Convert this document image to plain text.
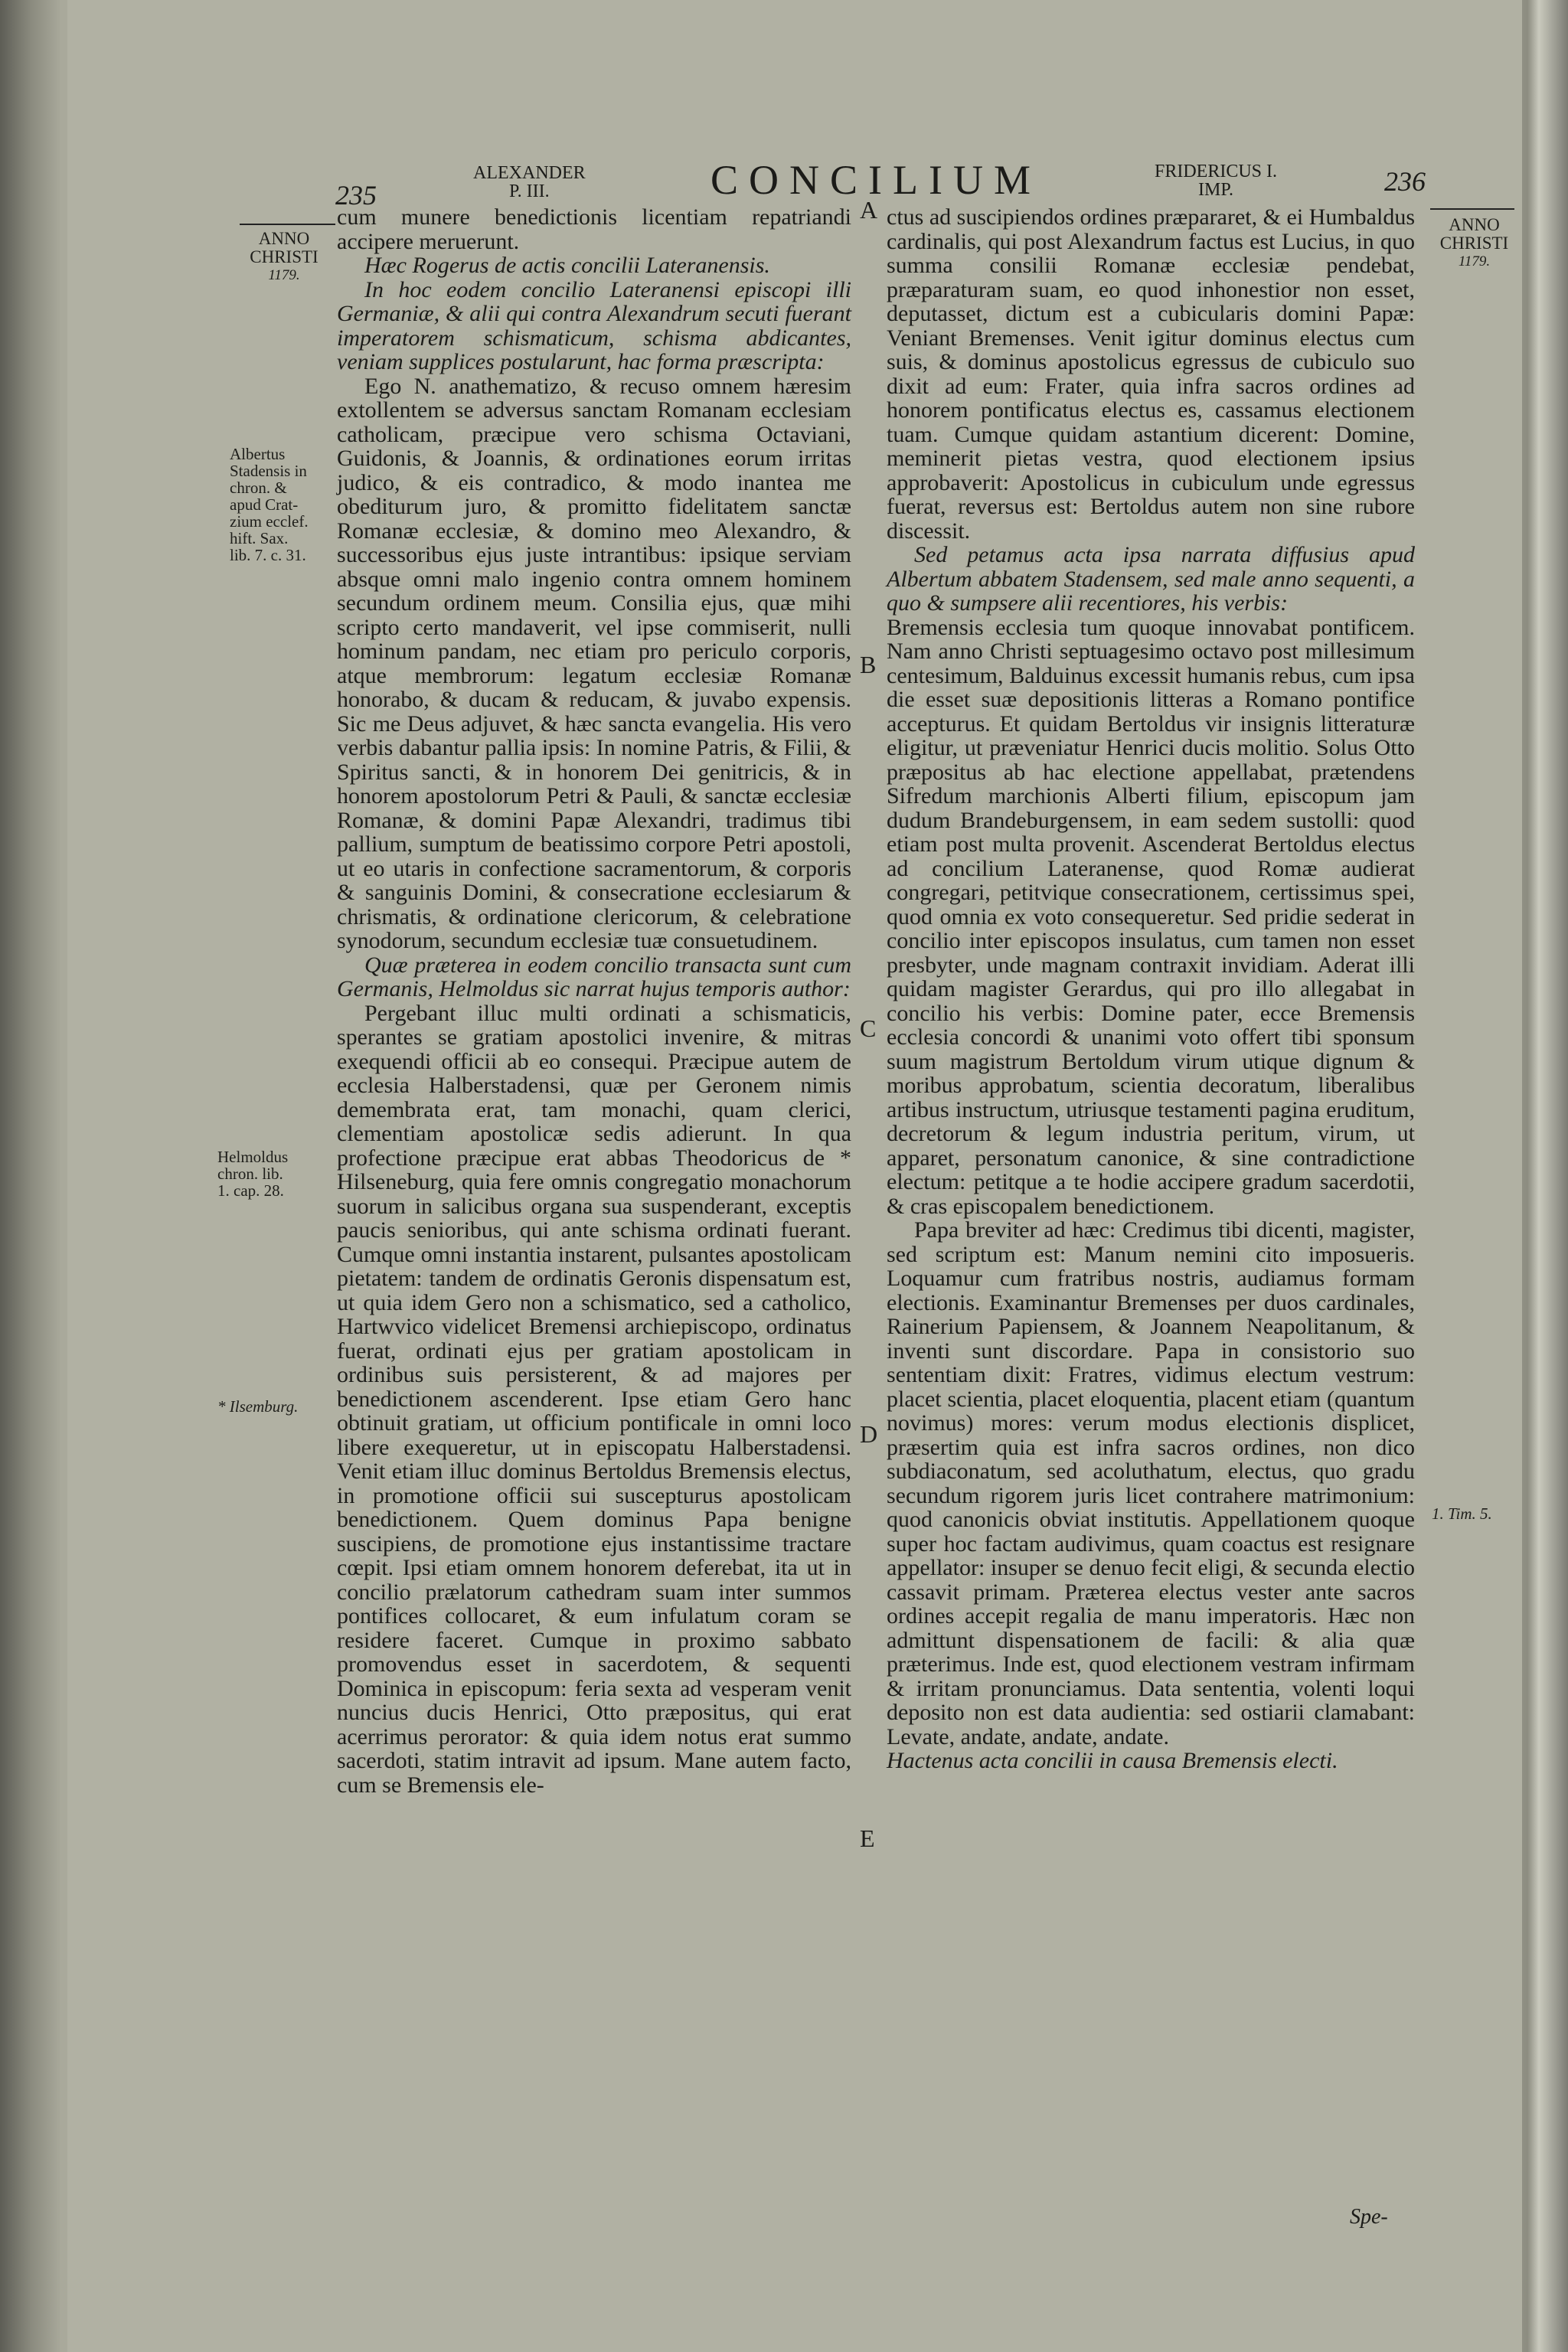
235
ALEXANDER
P. III.	CONCILIUM	FRIDERICUS I.
IMP.	236
ANNO
CHRISTI
1179.
ANNO
CHRISTI
1179.
Albertus
Stadensis in
chron. &
apud Crat-
zium ecclef.
hift. Sax.
lib. 7. c. 31.
Helmoldus
chron. lib.
1. cap. 28.
* Ilsemburg.
1. Tim. 5.
A
B
C
D
E

cum munere benedictionis licentiam repatriandi accipere meruerunt.

Hæc Rogerus de actis concilii Lateranensis.

In hoc eodem concilio Lateranensi episcopi illi Germaniæ, & alii qui contra Alexandrum secuti fuerant imperatorem schismaticum, schisma abdicantes, veniam supplices postularunt, hac forma præscripta:

Ego N. anathematizo, & recuso omnem hæresim extollentem se adversus sanctam Romanam ecclesiam catholicam, præcipue vero schisma Octaviani, Guidonis, & Joannis, & ordinationes eorum irritas judico, & eis contradico, & modo inantea me obediturum juro, & promitto fidelitatem sanctæ Romanæ ecclesiæ, & domino meo Alexandro, & successoribus ejus juste intrantibus: ipsique serviam absque omni malo ingenio contra omnem hominem secundum ordinem meum. Consilia ejus, quæ mihi scripto certo mandaverit, vel ipse commiserit, nulli hominum pandam, nec etiam pro periculo corporis, atque membrorum: legatum ecclesiæ Romanæ honorabo, & ducam & reducam, & juvabo expensis. Sic me Deus adjuvet, & hæc sancta evangelia. His vero verbis dabantur pallia ipsis: In nomine Patris, & Filii, & Spiritus sancti, & in honorem Dei genitricis, & in honorem apostolorum Petri & Pauli, & sanctæ ecclesiæ Romanæ, & domini Papæ Alexandri, tradimus tibi pallium, sumptum de beatissimo corpore Petri apostoli, ut eo utaris in confectione sacramentorum, & corporis & sanguinis Domini, & consecratione ecclesiarum & chrismatis, & ordinatione clericorum, & celebratione synodorum, secundum ecclesiæ tuæ consuetudinem.

Quæ præterea in eodem concilio transacta sunt cum Germanis, Helmoldus sic narrat hujus temporis author:

Pergebant illuc multi ordinati a schismaticis, sperantes se gratiam apostolici invenire, & mitras exequendi officii ab eo consequi. Præcipue autem de ecclesia Halberstadensi, quæ per Geronem nimis demembrata erat, tam monachi, quam clerici, clementiam apostolicæ sedis adierunt. In qua profectione præcipue erat abbas Theodoricus de * Hilseneburg, quia fere omnis congregatio monachorum suorum in salicibus organa sua suspenderant, exceptis paucis senioribus, qui ante schisma ordinati fuerant. Cumque omni instantia instarent, pulsantes apostolicam pietatem: tandem de ordinatis Geronis dispensatum est, ut quia idem Gero non a schismatico, sed a catholico, Hartwvico videlicet Bremensi archiepiscopo, ordinatus fuerat, ordinati ejus per gratiam apostolicam in ordinibus suis persisterent, & ad majores per benedictionem ascenderent. Ipse etiam Gero hanc obtinuit gratiam, ut officium pontificale in omni loco libere exequeretur, ut in episcopatu Halberstadensi. Venit etiam illuc dominus Bertoldus Bremensis electus, in promotione officii sui suscepturus apostolicam benedictionem. Quem dominus Papa benigne suscipiens, de promotione ejus instantissime tractare cœpit. Ipsi etiam omnem honorem deferebat, ita ut in concilio prælatorum cathedram suam inter summos pontifices collocaret, & eum infulatum coram se residere faceret. Cumque in proximo sabbato promovendus esset in sacerdotem, & sequenti Dominica in episcopum: feria sexta ad vesperam venit nuncius ducis Henrici, Otto præpositus, qui erat acerrimus perorator: & quia idem notus erat summo sacerdoti, statim intravit ad ipsum. Mane autem facto, cum se Bremensis ele-

ctus ad suscipiendos ordines præpararet, & ei Humbaldus cardinalis, qui post Alexandrum factus est Lucius, in quo summa consilii Romanæ ecclesiæ pendebat, præparaturam suam, eo quod inhonestior non esset, deputasset, dictum est a cubicularis domini Papæ: Veniant Bremenses. Venit igitur dominus electus cum suis, & dominus apostolicus egressus de cubiculo suo dixit ad eum: Frater, quia infra sacros ordines ad honorem pontificatus electus es, cassamus electionem tuam. Cumque quidam astantium dicerent: Domine, meminerit pietas vestra, quod electionem ipsius approbaverit: Apostolicus in cubiculum unde egressus fuerat, reversus est: Bertoldus autem non sine rubore discessit.

Sed petamus acta ipsa narrata diffusius apud Albertum abbatem Stadensem, sed male anno sequenti, a quo & sumpsere alii recentiores, his verbis:

Bremensis ecclesia tum quoque innovabat pontificem. Nam anno Christi septuagesimo octavo post millesimum centesimum, Balduinus excessit humanis rebus, cum ipsa die esset suæ depositionis litteras a Romano pontifice accepturus. Et quidam Bertoldus vir insignis litteraturæ eligitur, ut præveniatur Henrici ducis molitio. Solus Otto præpositus ab hac electione appellabat, prætendens Sifredum marchionis Alberti filium, episcopum jam dudum Brandeburgensem, in eam sedem sustolli: quod etiam post multa provenit. Ascenderat Bertoldus electus ad concilium Lateranense, quod Romæ audierat congregari, petitvique consecrationem, certissimus spei, quod omnia ex voto consequeretur. Sed pridie sederat in concilio inter episcopos insulatus, cum tamen non esset presbyter, unde magnam contraxit invidiam. Aderat illi quidam magister Gerardus, qui pro illo allegabat in concilio his verbis: Domine pater, ecce Bremensis ecclesia concordi & unanimi voto offert tibi sponsum suum magistrum Bertoldum virum utique dignum & moribus approbatum, scientia decoratum, liberalibus artibus instructum, utriusque testamenti pagina eruditum, decretorum & legum industria peritum, virum, ut apparet, personatum canonice, & sine contradictione electum: petitque a te hodie accipere gradum sacerdotii, & cras episcopalem benedictionem.

Papa breviter ad hæc: Credimus tibi dicenti, magister, sed scriptum est: Manum nemini cito imposueris. Loquamur cum fratribus nostris, audiamus formam electionis. Examinantur Bremenses per duos cardinales, Rainerium Papiensem, & Joannem Neapolitanum, & inventi sunt discordare. Papa in consistorio suo sententiam dixit: Fratres, vidimus electum vestrum: placet scientia, placet eloquentia, placent etiam (quantum novimus) mores: verum modus electionis displicet, præsertim quia est infra sacros ordines, non dico subdiaconatum, sed acoluthatum, electus, quo gradu secundum rigorem juris licet contrahere matrimonium: quod canonicis obviat institutis. Appellationem quoque super hoc factam audivimus, quam coactus est resignare appellator: insuper se denuo fecit eligi, & secunda electio cassavit primam. Præterea electus vester ante sacros ordines accepit regalia de manu imperatoris. Hæc non admittunt dispensationem de facili: & alia quæ præterimus. Inde est, quod electionem vestram infirmam & irritam pronunciamus. Data sententia, volenti loqui deposito non est data audientia: sed ostiarii clamabant: Levate, andate, andate, andate.

Hactenus acta concilii in causa Bremensis electi.

Spe-
